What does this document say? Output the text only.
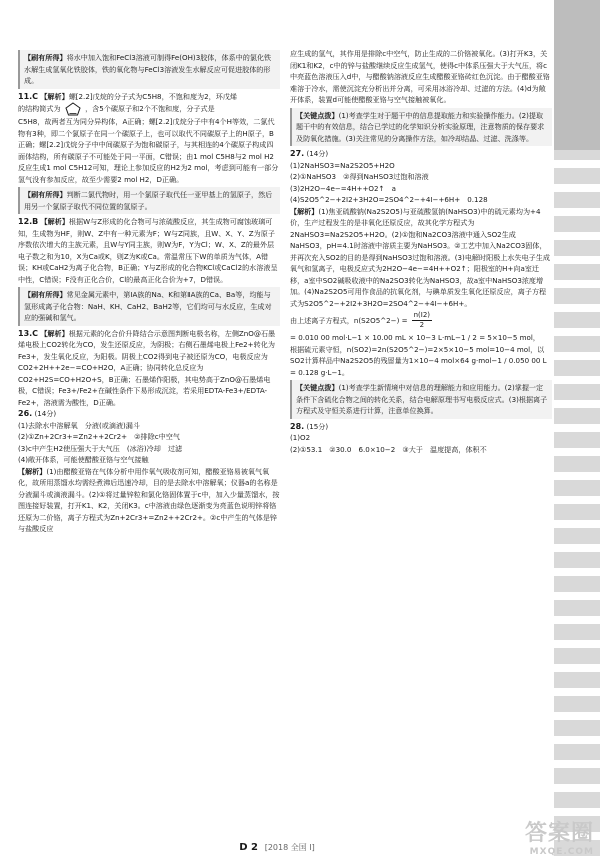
【刷有所得】将水中加入饱和FeCl3溶液可制得Fe(OH)3胶体，体系中的氯化铁水解生成氢氧化铁胶体，铁的氧化物与FeCl3溶液发生水解反应可促进胶体的形成。
11.C 【解析】螺[2.2]戊烷的分子式为C5H8，不饱和度为2，环戊烯
的结构简式为	，含5个碳原子和2个不饱和度，分子式是
C5H8，故两者互为同分异构体，A正确；螺[2.2]戊烷分子中有4个H等效，二氯代物有3种，即二个氯原子在同一个碳原子上，也可以取代不同碳原子上的H原子，B正确；螺[2.2]戊烷分子中中间碳原子为饱和碳原子，与其相连的4个碳原子构成四面体结构，所有碳原子不可能处于同一平面，C错误；由1 mol C5H8与2 mol H2反应生成1 mol C5H12可知，理论上参加反应的H2为2 mol，考虑到可能有一部分氢气没有参加反应，故至少需要2 mol H2，D正确。
【刷有所得】判断二氯代物时，用一个氯原子取代任一亚甲基上的氢原子，然后用另一个氯原子取代不同位置的氢原子。
12.B 【解析】根据W与Z形成的化合物可与浓硫酸反应，其生成物可腐蚀玻璃可知，生成物为HF，则W、Z中有一种元素为F；W与Z同族，且W、X、Y、Z为原子序数依次增大的主族元素，且W与Y同主族，则W为F，Y为Cl；W、X、Z的最外层电子数之和为10，X为Ca或K，则Z为K或Ca。常温常压下W的单质为气体，A错误；KH或CaH2为离子化合物，B正确；Y与Z形成的化合物KCl或CaCl2的水溶液呈中性，C错误；F没有正化合价，Cl的最高正化合价为+7，D错误。
【刷有所得】常见金属元素中，第ⅠA族的Na、K和第ⅡA族的Ca、Ba等，均能与氢形成离子化合物：NaH、KH、CaH2、BaH2等，它们均可与水反应，生成对应的强碱和氢气。
13.C 【解析】根据元素的化合价升降结合示意图判断电极名称，左侧ZnO@石墨烯电极上CO2转化为CO，发生还原反应，为阴极；右侧石墨烯电极上Fe2+转化为Fe3+，发生氧化反应，为阳极。阴极上CO2得到电子被还原为CO，电极反应为CO2+2H++2e−=CO+H2O，A正确；协同转化总反应为CO2+H2S=CO+H2O+S，B正确；石墨烯作阳极，其电势高于ZnO@石墨烯电极，C错误；Fe3+/Fe2+在碱性条件下易形成沉淀，若采用EDTA-Fe3+/EDTA-Fe2+，溶液需为酸性，D正确。
26. (14分)
(1)去除水中溶解氧　分液(或滴液)漏斗
(2)①Zn+2Cr3+=Zn2++2Cr2+　②排除c中空气
(3)c中产生H2使压强大于大气压　(冰浴)冷却　过滤
(4)敞开体系，可能使醋酸亚铬与空气接触
【解析】(1)由醋酸亚铬在气体分析中用作氧气吸收剂可知，醋酸亚铬易被氧气氧化，故所用蒸馏水均需经煮沸后迅速冷却，目的是去除水中溶解氧；仪器a的名称是分液漏斗或滴液漏斗。(2)①将过量锌粒和氯化铬固体置于c中，加入少量蒸馏水，按图连接好装置，打开K1、K2，关闭K3。c中溶液由绿色逐渐变为亮蓝色说明锌将铬还原为二价铬，离子方程式为Zn+2Cr3+=Zn2++2Cr2+。②c中产生的气体是锌与盐酸反应
应生成的氢气，其作用是排除c中空气，防止生成的二价铬被氧化。(3)打开K3，关闭K1和K2，c中的锌与盐酸继续反应生成氢气，使得c中体系压强大于大气压，将c中亮蓝色溶液压入d中，与醋酸钠溶液反应生成醋酸亚铬砖红色沉淀。由于醋酸亚铬难溶于冷水，需使沉淀充分析出并分离，可采用冰浴冷却、过滤的方法。(4)d为敞开体系，装置d可能使醋酸亚铬与空气接触被氧化。
【关键点拨】(1)考查学生对于题干中的信息提取能力和实验操作能力。(2)提取题干中的有效信息，结合已学过的化学知识分析实验原理，注意物质的保存要求及防氧化措施。(3)关注常见的分离操作方法，如冷却结晶、过滤、洗涤等。
27. (14分)
(1)2NaHSO3=Na2S2O5+H2O
(2)①NaHSO3　②得到NaHSO3过饱和溶液
(3)2H2O−4e−=4H++O2↑　a
(4)S2O5^2−+2I2+3H2O=2SO4^2−+4I−+6H+　0.128
【解析】(1)焦亚硫酸钠(Na2S2O5)与亚硫酸氢钠(NaHSO3)中的硫元素均为+4价，生产过程发生的是非氧化还原反应，故其化学方程式为2NaHSO3=Na2S2O5+H2O。(2)①饱和Na2CO3溶液中通入SO2生成NaHSO3，pH=4.1时溶液中溶质主要为NaHSO3。②工艺中加入Na2CO3固体，并再次充入SO2的目的是得到NaHSO3过饱和溶液。(3)电解时阳极上水失电子生成氧气和氢离子，电极反应式为2H2O−4e−=4H++O2↑；阳极室的H+向a室迁移，a室中SO2碱吸收液中的Na2SO3转化为NaHSO3，故a室中NaHSO3浓度增加。(4)Na2S2O5可用作食品的抗氧化剂，与碘单质发生氧化还原反应，离子方程式为S2O5^2−+2I2+3H2O=2SO4^2−+4I−+6H+。
由上述离子方程式，n(S2O5^2−) = $\frac{n(I2)}{2}$
= 0.010 00 mol·L−1 × 10.00 mL × 10−3 L·mL−1 / 2 = 5×10−5 mol，
根据硫元素守恒，n(SO2)=2n(S2O5^2−)=2×5×10−5 mol=10−4 mol，以SO2计算样品中Na2S2O5的残留量为1×10−4 mol×64 g·mol−1 / 0.050 00 L = 0.128 g·L−1。
【关键点拨】(1)考查学生新情境中对信息的理解能力和应用能力。(2)掌握一定条件下含硫化合物之间的转化关系，结合电解原理书写电极反应式。(3)根据离子方程式及守恒关系进行计算，注意单位换算。
28. (15分)
(1)O2
(2)①53.1　②30.0　6.0×10−2　③大于　温度提高，体积不
D 2 [2018 全国 Ⅰ]
答案圈
MXQE.COM
